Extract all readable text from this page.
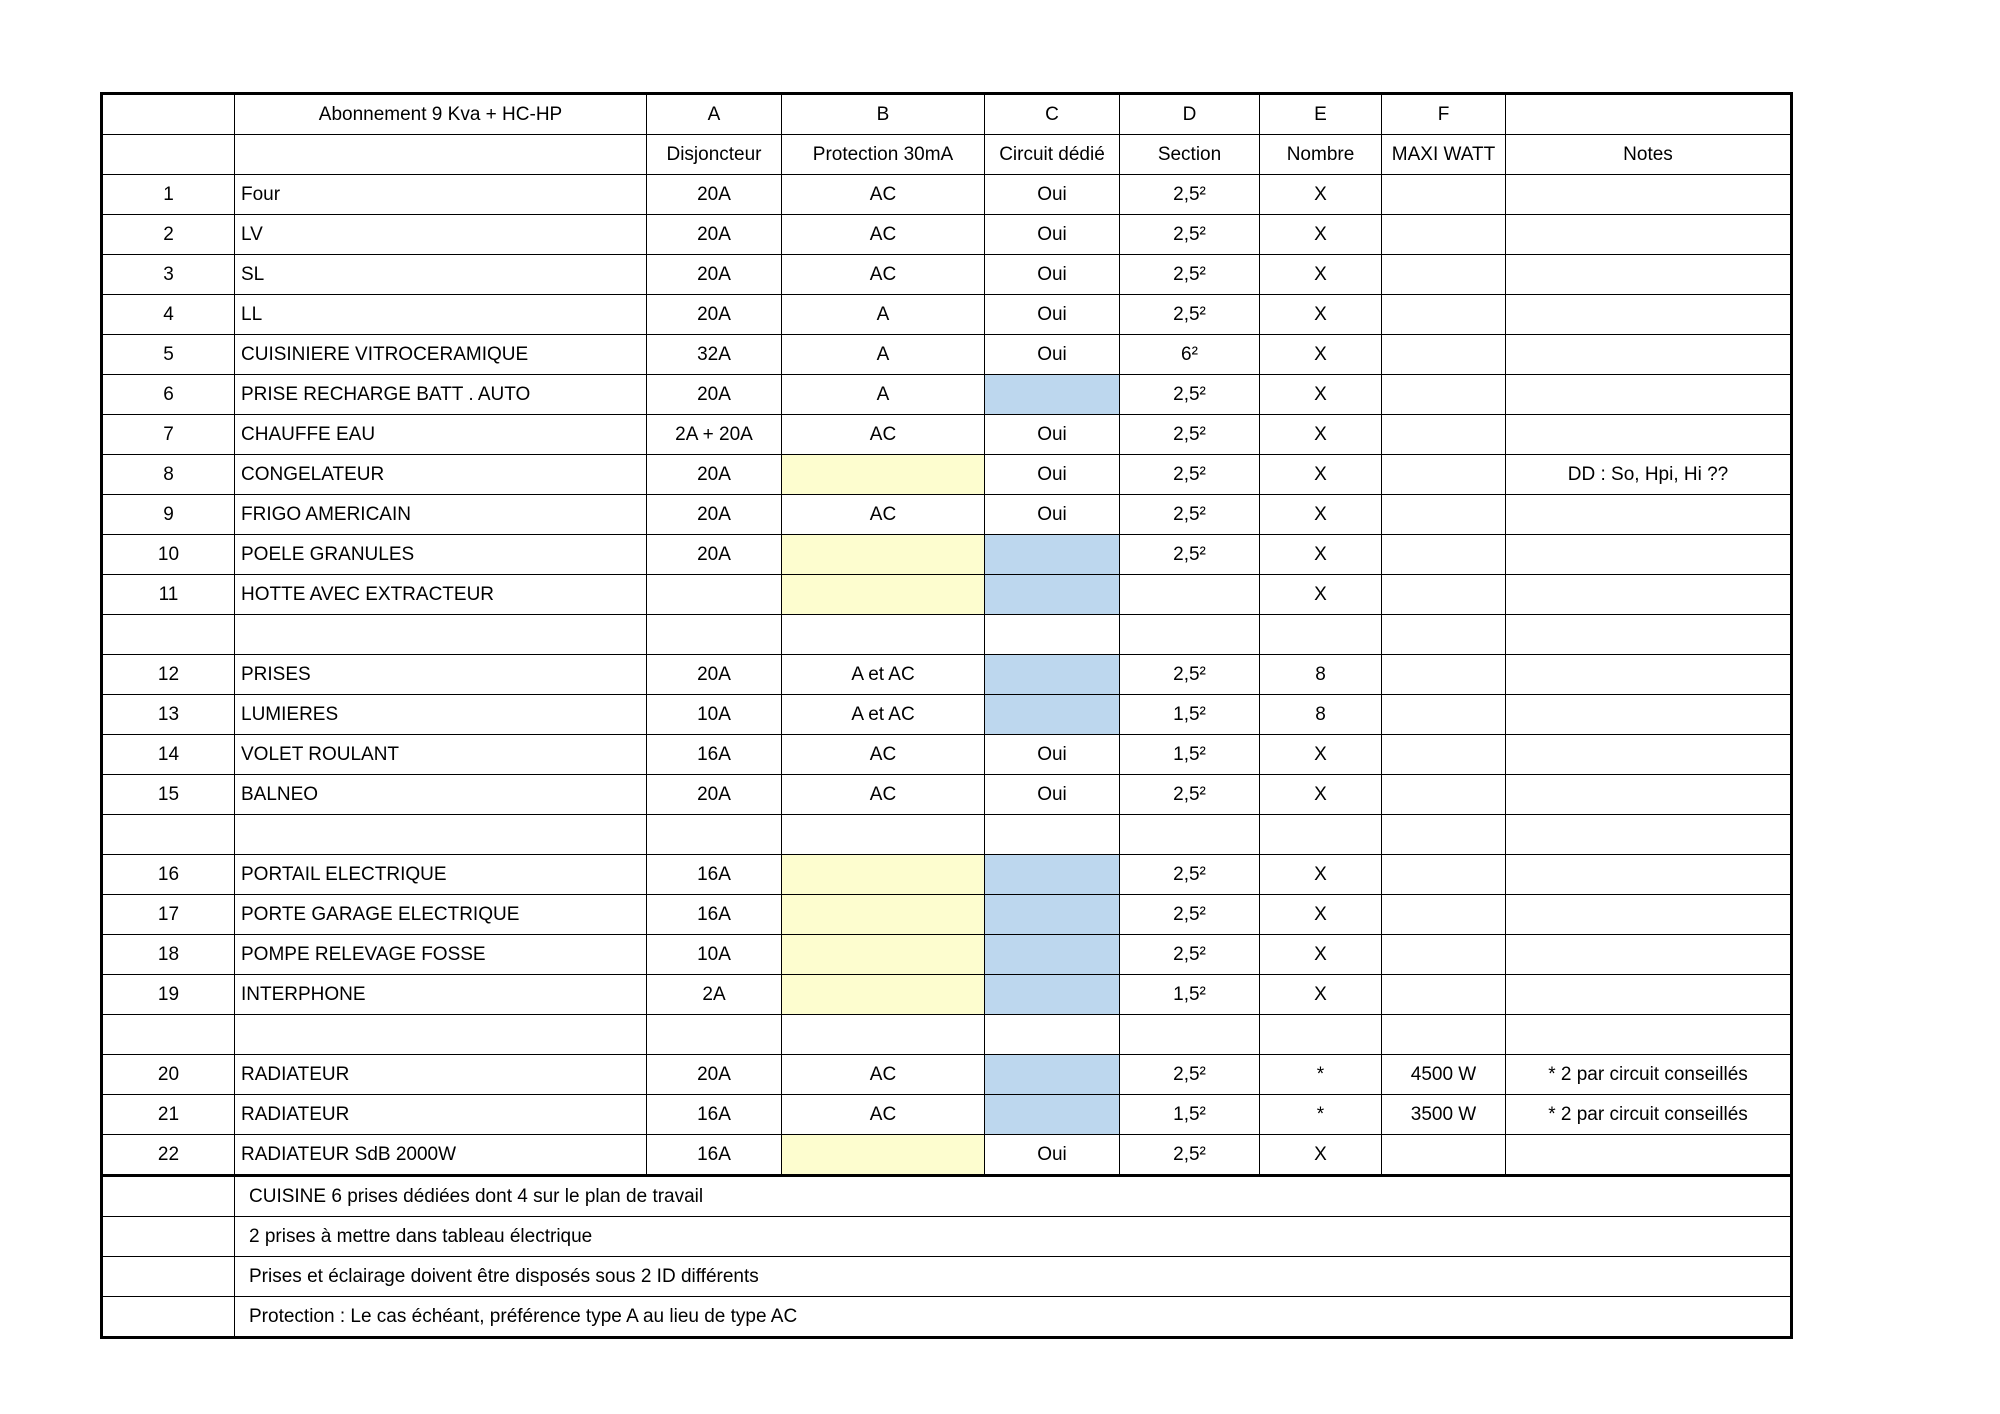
	Abonnement 9 Kva + HC-HP	A	B	C	D	E	F	
		Disjoncteur	Protection 30mA	Circuit dédié	Section	Nombre	MAXI WATT	Notes
1	Four	20A	AC	Oui	2,5²	X		
2	LV	20A	AC	Oui	2,5²	X		
3	SL	20A	AC	Oui	2,5²	X		
4	LL	20A	A	Oui	2,5²	X		
5	CUISINIERE VITROCERAMIQUE	32A	A	Oui	6²	X		
6	PRISE RECHARGE BATT . AUTO	20A	A		2,5²	X		
7	CHAUFFE EAU	2A + 20A	AC	Oui	2,5²	X		
8	CONGELATEUR	20A		Oui	2,5²	X		DD : So, Hpi, Hi ??
9	FRIGO AMERICAIN	20A	AC	Oui	2,5²	X		
10	POELE GRANULES	20A			2,5²	X		
11	HOTTE AVEC EXTRACTEUR					X		

12	PRISES	20A	A et AC		2,5²	8		
13	LUMIERES	10A	A et AC		1,5²	8		
14	VOLET ROULANT	16A	AC	Oui	1,5²	X		
15	BALNEO	20A	AC	Oui	2,5²	X		

16	PORTAIL ELECTRIQUE	16A			2,5²	X		
17	PORTE GARAGE ELECTRIQUE	16A			2,5²	X		
18	POMPE RELEVAGE FOSSE	10A			2,5²	X		
19	INTERPHONE	2A			1,5²	X		

20	RADIATEUR	20A	AC		2,5²	*	4500 W	* 2 par circuit conseillés
21	RADIATEUR	16A	AC		1,5²	*	3500 W	* 2 par circuit conseillés
22	RADIATEUR SdB 2000W	16A		Oui	2,5²	X		
	CUISINE 6 prises dédiées dont 4 sur le plan de travail							
	2 prises à mettre dans tableau électrique							
	Prises et éclairage doivent être disposés sous 2 ID différents							
	Protection : Le cas échéant, préférence type A au lieu de type AC							
